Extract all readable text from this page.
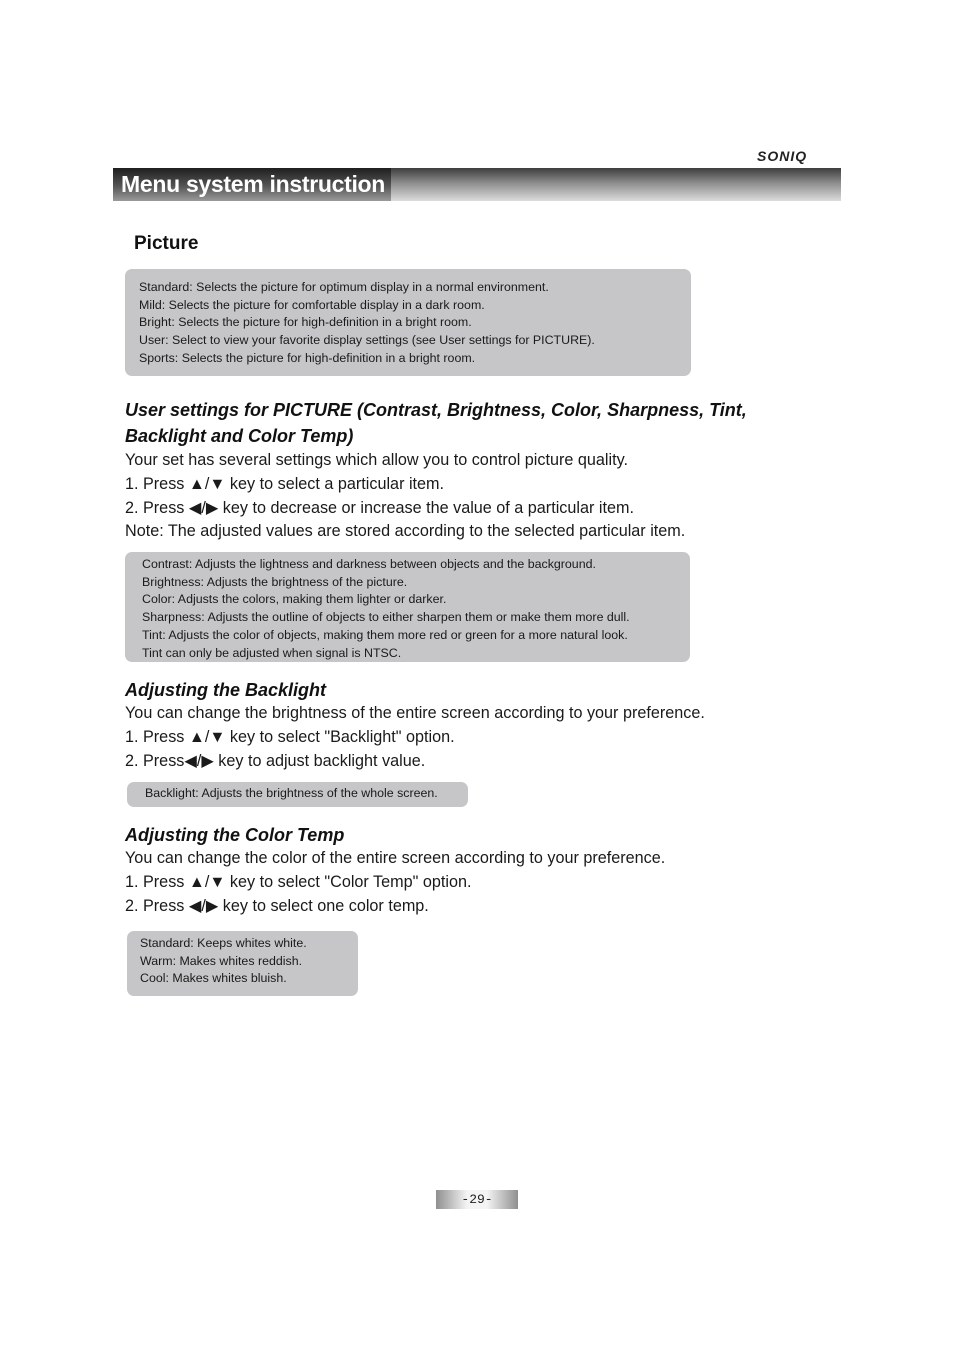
SONIQ
Menu system instruction
Picture

Standard: Selects the picture for optimum display in a normal environment.

Mild: Selects the picture for comfortable display in a dark room.

Bright: Selects the picture for high-definition in a bright room.

User: Select to view your favorite display settings (see User settings for PICTURE).

Sports: Selects the picture for high-definition in a bright room.

User settings for PICTURE (Contrast, Brightness, Color, Sharpness, Tint,
Backlight and Color Temp)

Your set has several settings which allow you to control picture quality.

1. Press ▲/▼ key to select a particular item.

2. Press ◀/▶ key to decrease or increase the value of a particular item.

Note: The adjusted values are stored according to the selected particular item.

Contrast: Adjusts the lightness and darkness between objects and the background.

Brightness: Adjusts the brightness of the picture.

Color: Adjusts the colors, making them lighter or darker.

Sharpness: Adjusts the outline of objects to either sharpen them or make them more dull.

Tint: Adjusts the color of objects, making them more red or green for a more natural look.

Tint can only be adjusted when signal is NTSC.

Adjusting the Backlight

You can change the brightness of the entire screen according to your preference.

1. Press ▲/▼ key to select "Backlight" option.

2. Press◀/▶ key to adjust backlight value.

Backlight: Adjusts the brightness of the whole screen.

Adjusting the Color Temp

You can change the color of the entire screen according to your preference.

1. Press ▲/▼ key to select "Color Temp" option.

2. Press ◀/▶ key to select one color temp.

Standard: Keeps whites white.

Warm: Makes whites reddish.

Cool: Makes whites bluish.

-29-
